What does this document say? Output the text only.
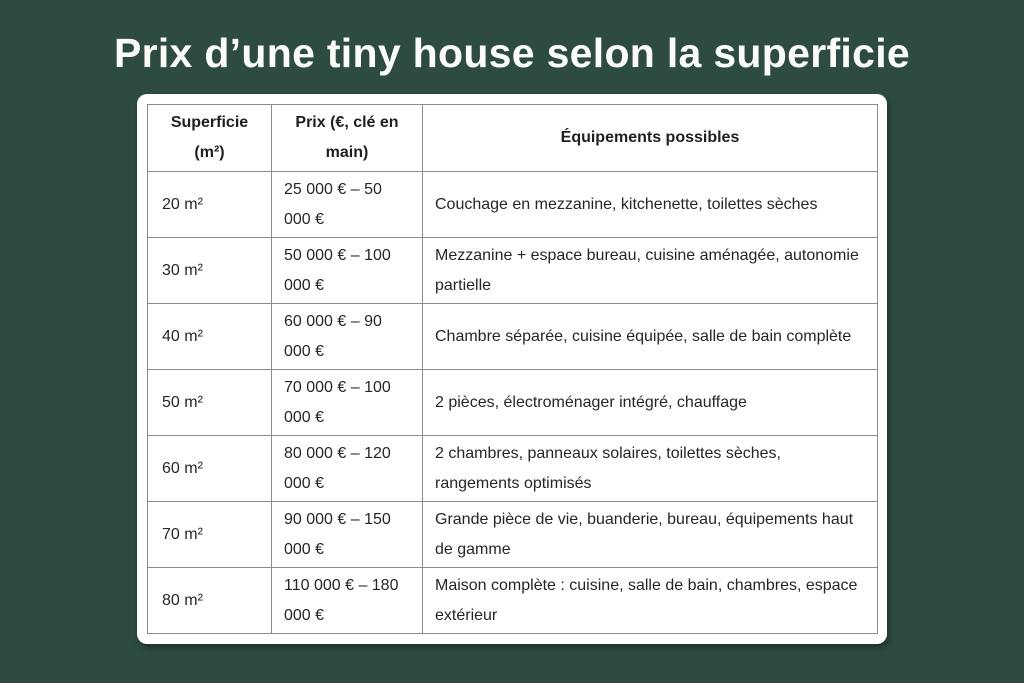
Prix d’une tiny house selon la superficie
Superficie (m²)	Prix (€, clé en main)	Équipements possibles
20 m²	25 000 € – 50 000 €	Couchage en mezzanine, kitchenette, toilettes sèches
30 m²	50 000 € – 100 000 €	Mezzanine + espace bureau, cuisine aménagée, autonomie partielle
40 m²	60 000 € – 90 000 €	Chambre séparée, cuisine équipée, salle de bain complète
50 m²	70 000 € – 100 000 €	2 pièces, électroménager intégré, chauffage
60 m²	80 000 € – 120 000 €	2 chambres, panneaux solaires, toilettes sèches, rangements optimisés
70 m²	90 000 € – 150 000 €	Grande pièce de vie, buanderie, bureau, équipements haut de gamme
80 m²	110 000 € – 180 000 €	Maison complète : cuisine, salle de bain, chambres, espace extérieur
